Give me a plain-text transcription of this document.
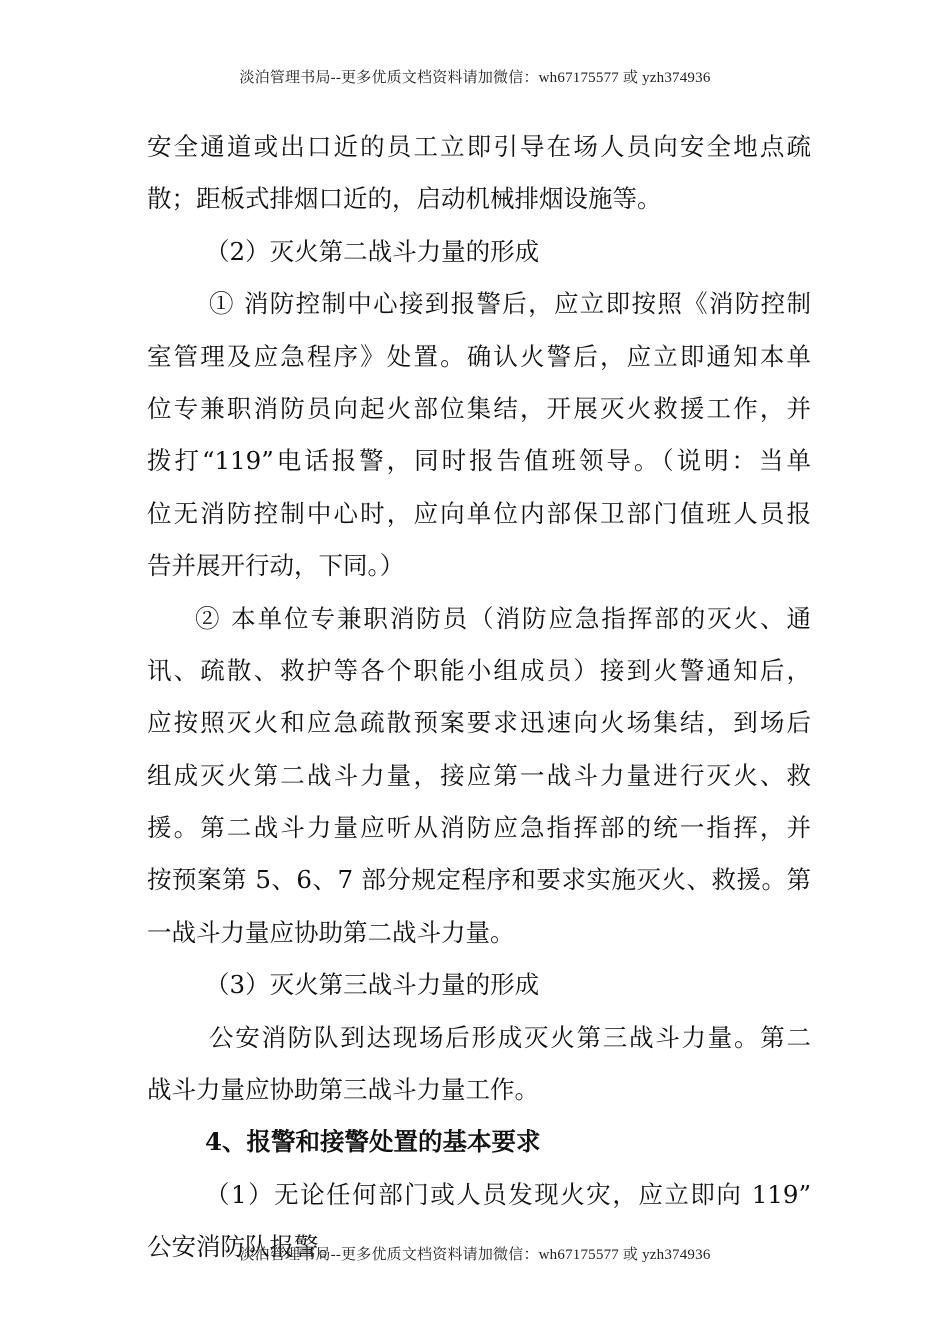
淡泊管理书局--更多优质文档资料请加微信：wh67175577 或 yzh374936
安全通道或出口近的员工立即引导在场人员向安全地点疏
散；距板式排烟口近的，启动机械排烟设施等。
（2）灭火第二战斗力量的形成
① 消防控制中心接到报警后，应立即按照《消防控制
室管理及应急程序》处置。确认火警后，应立即通知本单
位专兼职消防员向起火部位集结，开展灭火救援工作，并
拨打“119”电话报警，同时报告值班领导。（说明：当单
位无消防控制中心时，应向单位内部保卫部门值班人员报
告并展开行动，下同。）
② 本单位专兼职消防员（消防应急指挥部的灭火、通
讯、疏散、救护等各个职能小组成员）接到火警通知后，
应按照灭火和应急疏散预案要求迅速向火场集结，到场后
组成灭火第二战斗力量，接应第一战斗力量进行灭火、救
援。第二战斗力量应听从消防应急指挥部的统一指挥，并
按预案第 5、6、7 部分规定程序和要求实施灭火、救援。第
一战斗力量应协助第二战斗力量。
（3）灭火第三战斗力量的形成
公安消防队到达现场后形成灭火第三战斗力量。第二
战斗力量应协助第三战斗力量工作。
4、报警和接警处置的基本要求
（1）无论任何部门或人员发现火灾，应立即向 119”
公安消防队报警。
淡泊管理书局--更多优质文档资料请加微信：wh67175577 或 yzh374936
